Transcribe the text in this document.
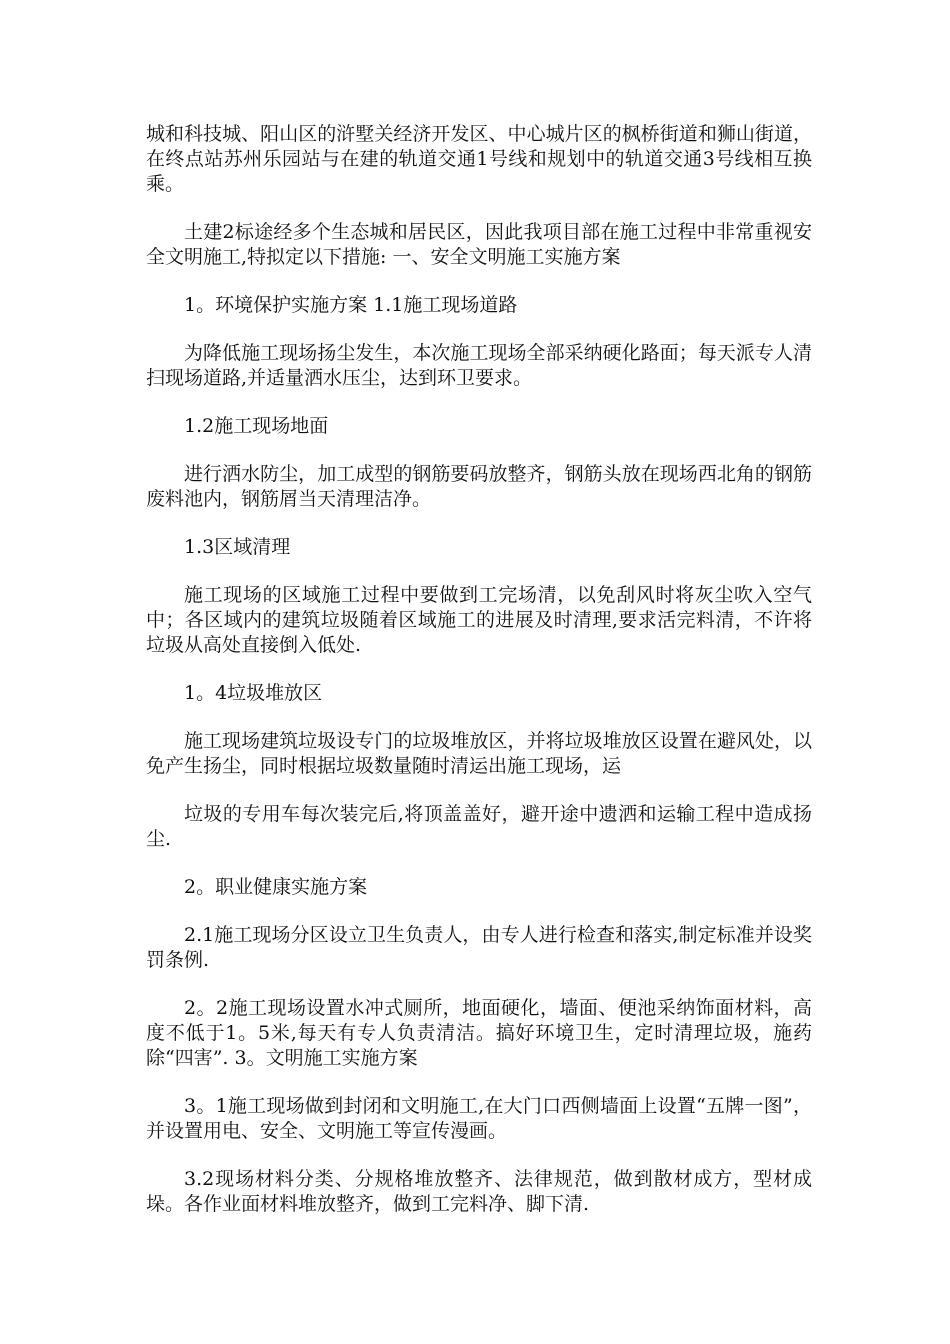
城和科技城、阳山区的浒墅关经济开发区、中心城片区的枫桥街道和狮山街道，在终点站苏州乐园站与在建的轨道交通1号线和规划中的轨道交通3号线相互换乘。

土建2标途经多个生态城和居民区，因此我项目部在施工过程中非常重视安全文明施工,特拟定以下措施: 一、安全文明施工实施方案

1。环境保护实施方案 1.1施工现场道路

为降低施工现场扬尘发生，本次施工现场全部采纳硬化路面；每天派专人清扫现场道路,并适量洒水压尘，达到环卫要求。

1.2施工现场地面

进行洒水防尘，加工成型的钢筋要码放整齐，钢筋头放在现场西北角的钢筋废料池内，钢筋屑当天清理洁净。

1.3区域清理

施工现场的区域施工过程中要做到工完场清，以免刮风时将灰尘吹入空气中；各区域内的建筑垃圾随着区域施工的进展及时清理,要求活完料清，不许将垃圾从高处直接倒入低处.

1。4垃圾堆放区

施工现场建筑垃圾设专门的垃圾堆放区，并将垃圾堆放区设置在避风处，以免产生扬尘，同时根据垃圾数量随时清运出施工现场，运

垃圾的专用车每次装完后,将顶盖盖好，避开途中遗洒和运输工程中造成扬尘.

2。职业健康实施方案

2.1施工现场分区设立卫生负责人，由专人进行检查和落实,制定标准并设奖罚条例.

2。2施工现场设置水冲式厕所，地面硬化，墙面、便池采纳饰面材料，高度不低于1。5米,每天有专人负责清洁。搞好环境卫生，定时清理垃圾，施药除“四害”. 3。文明施工实施方案

3。1施工现场做到封闭和文明施工,在大门口西侧墙面上设置“五牌一图”，并设置用电、安全、文明施工等宣传漫画。

3.2现场材料分类、分规格堆放整齐、法律规范，做到散材成方，型材成垛。各作业面材料堆放整齐，做到工完料净、脚下清.
